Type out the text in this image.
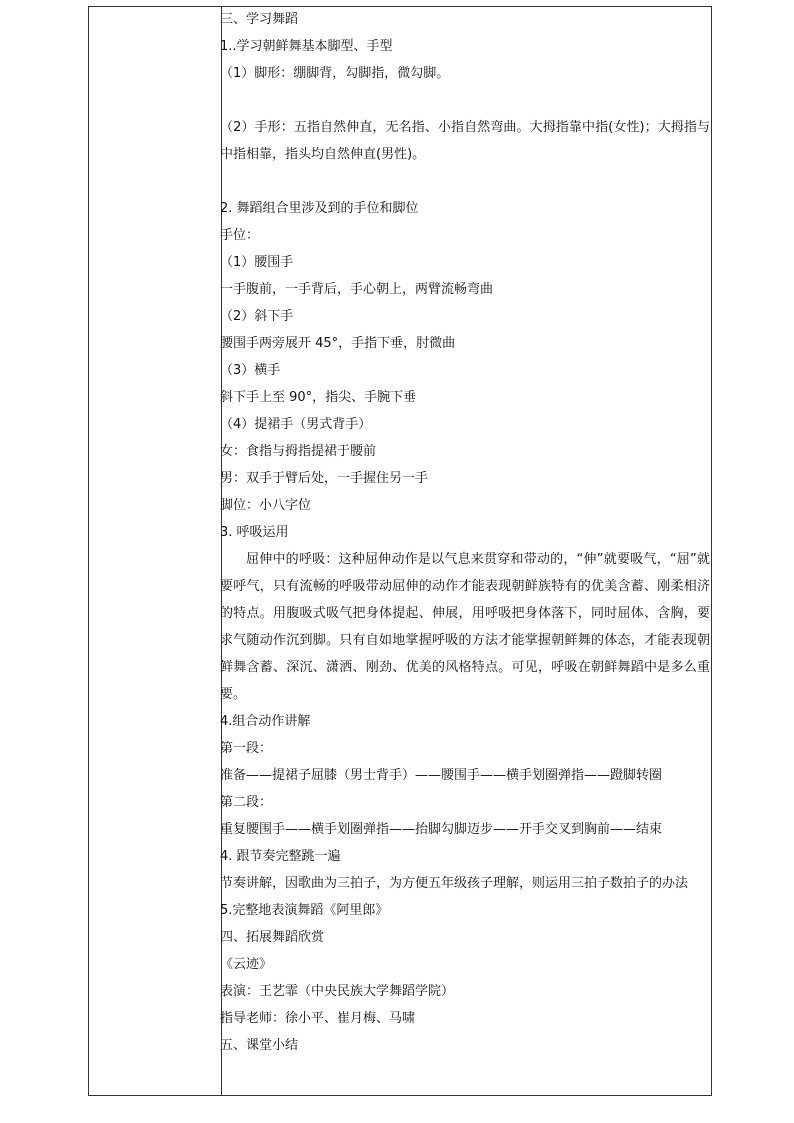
三、学习舞蹈
1..学习朝鲜舞基本脚型、手型
（1）脚形：绷脚背，勾脚指，微勾脚。

（2）手形：五指自然伸直，无名指、小指自然弯曲。大拇指靠中指(女性)；大拇指与中指相靠，指头均自然伸直(男性)。

2. 舞蹈组合里涉及到的手位和脚位
手位：
（1）腰围手
一手腹前，一手背后，手心朝上，两臂流畅弯曲
（2）斜下手
腰围手两旁展开 45°，手指下垂，肘微曲
（3）横手
斜下手上至 90°，指尖、手腕下垂
（4）提裙手（男式背手）
女：食指与拇指提裙于腰前
男：双手于臂后处，一手握住另一手
脚位：小八字位
3. 呼吸运用

屈伸中的呼吸：这种屈伸动作是以气息来贯穿和带动的，“伸”就要吸气，“屈”就要呼气，只有流畅的呼吸带动屈伸的动作才能表现朝鲜族特有的优美含蓄、刚柔相济的特点。用腹吸式吸气把身体提起、伸展，用呼吸把身体落下，同时屈体、含胸，要求气随动作沉到脚。只有自如地掌握呼吸的方法才能掌握朝鲜舞的体态，才能表现朝鲜舞含蓄、深沉、潇洒、刚劲、优美的风格特点。可见，呼吸在朝鲜舞蹈中是多么重要。

4.组合动作讲解
第一段：
准备——提裙子屈膝（男士背手）——腰围手——横手划圈弹指——蹬脚转圈
第二段：
重复腰围手——横手划圈弹指——抬脚勾脚迈步——开手交叉到胸前——结束
4. 跟节奏完整跳一遍

节奏讲解，因歌曲为三拍子，为方便五年级孩子理解，则运用三拍子数拍子的办法

5.完整地表演舞蹈《阿里郎》
四、拓展舞蹈欣赏
《云迹》
表演：王艺霏（中央民族大学舞蹈学院）
指导老师：徐小平、崔月梅、马啸
五、课堂小结
